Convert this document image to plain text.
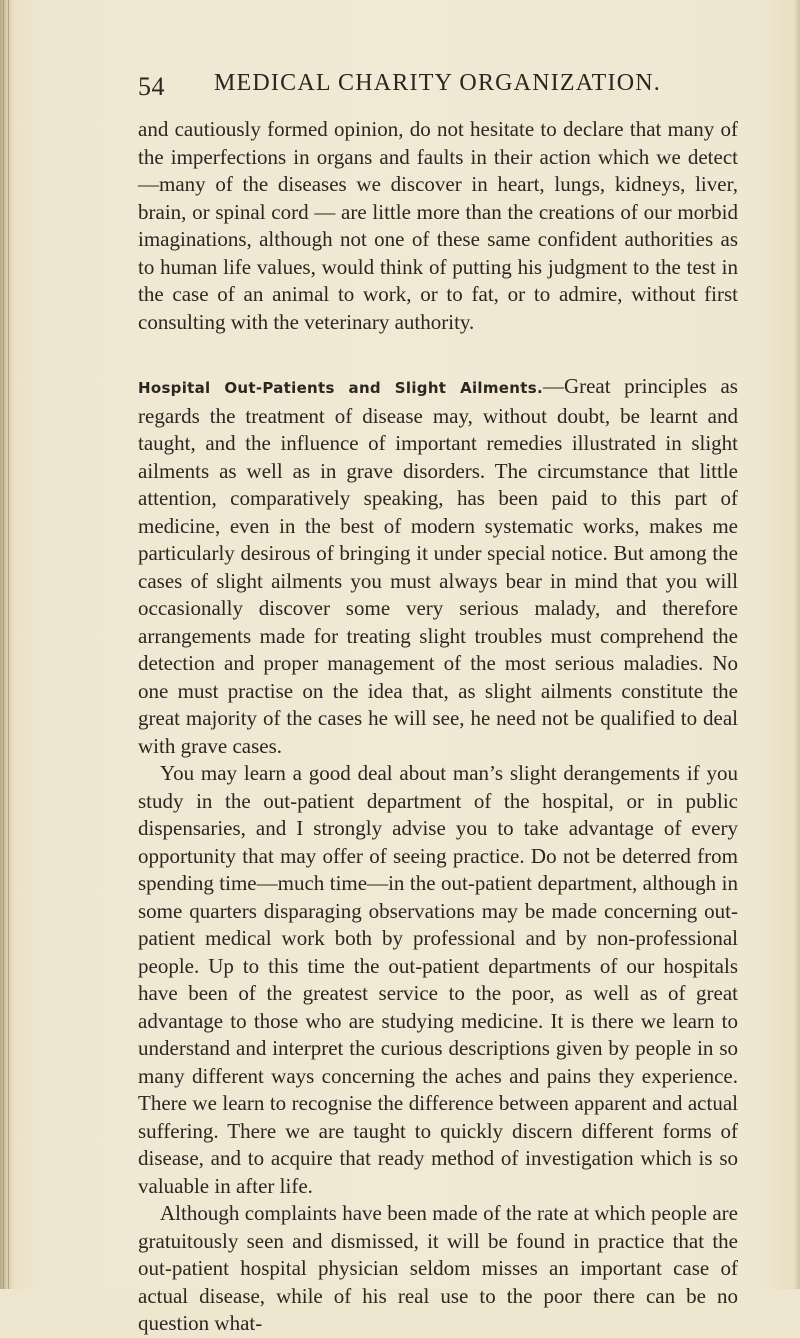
54 MEDICAL CHARITY ORGANIZATION.

and cautiously formed opinion, do not hesitate to declare that many of the imperfections in organs and faults in their action which we detect—many of the diseases we discover in heart, lungs, kidneys, liver, brain, or spinal cord — are little more than the creations of our morbid imaginations, although not one of these same confident authorities as to human life values, would think of putting his judgment to the test in the case of an animal to work, or to fat, or to admire, without first consulting with the veterinary authority.

Hospital Out-Patients and Slight Ailments.—Great principles as regards the treatment of disease may, without doubt, be learnt and taught, and the influence of important remedies illustrated in slight ailments as well as in grave disorders. The circumstance that little attention, comparatively speaking, has been paid to this part of medicine, even in the best of modern systematic works, makes me particularly desirous of bringing it under special notice. But among the cases of slight ailments you must always bear in mind that you will occasionally discover some very serious malady, and therefore arrangements made for treating slight troubles must comprehend the detection and proper management of the most serious maladies. No one must practise on the idea that, as slight ailments constitute the great majority of the cases he will see, he need not be qualified to deal with grave cases.

You may learn a good deal about man’s slight derangements if you study in the out-patient department of the hospital, or in public dispensaries, and I strongly advise you to take advantage of every opportunity that may offer of seeing practice. Do not be deterred from spending time—much time—in the out-patient department, although in some quarters disparaging observations may be made concerning out-patient medical work both by professional and by non-professional people. Up to this time the out-patient departments of our hospitals have been of the greatest service to the poor, as well as of great advantage to those who are studying medicine. It is there we learn to understand and interpret the curious descriptions given by people in so many different ways concerning the aches and pains they experience. There we learn to recognise the difference between apparent and actual suffering. There we are taught to quickly discern different forms of disease, and to acquire that ready method of investigation which is so valuable in after life.

Although complaints have been made of the rate at which people are gratuitously seen and dismissed, it will be found in practice that the out-patient hospital physician seldom misses an important case of actual disease, while of his real use to the poor there can be no question what-
